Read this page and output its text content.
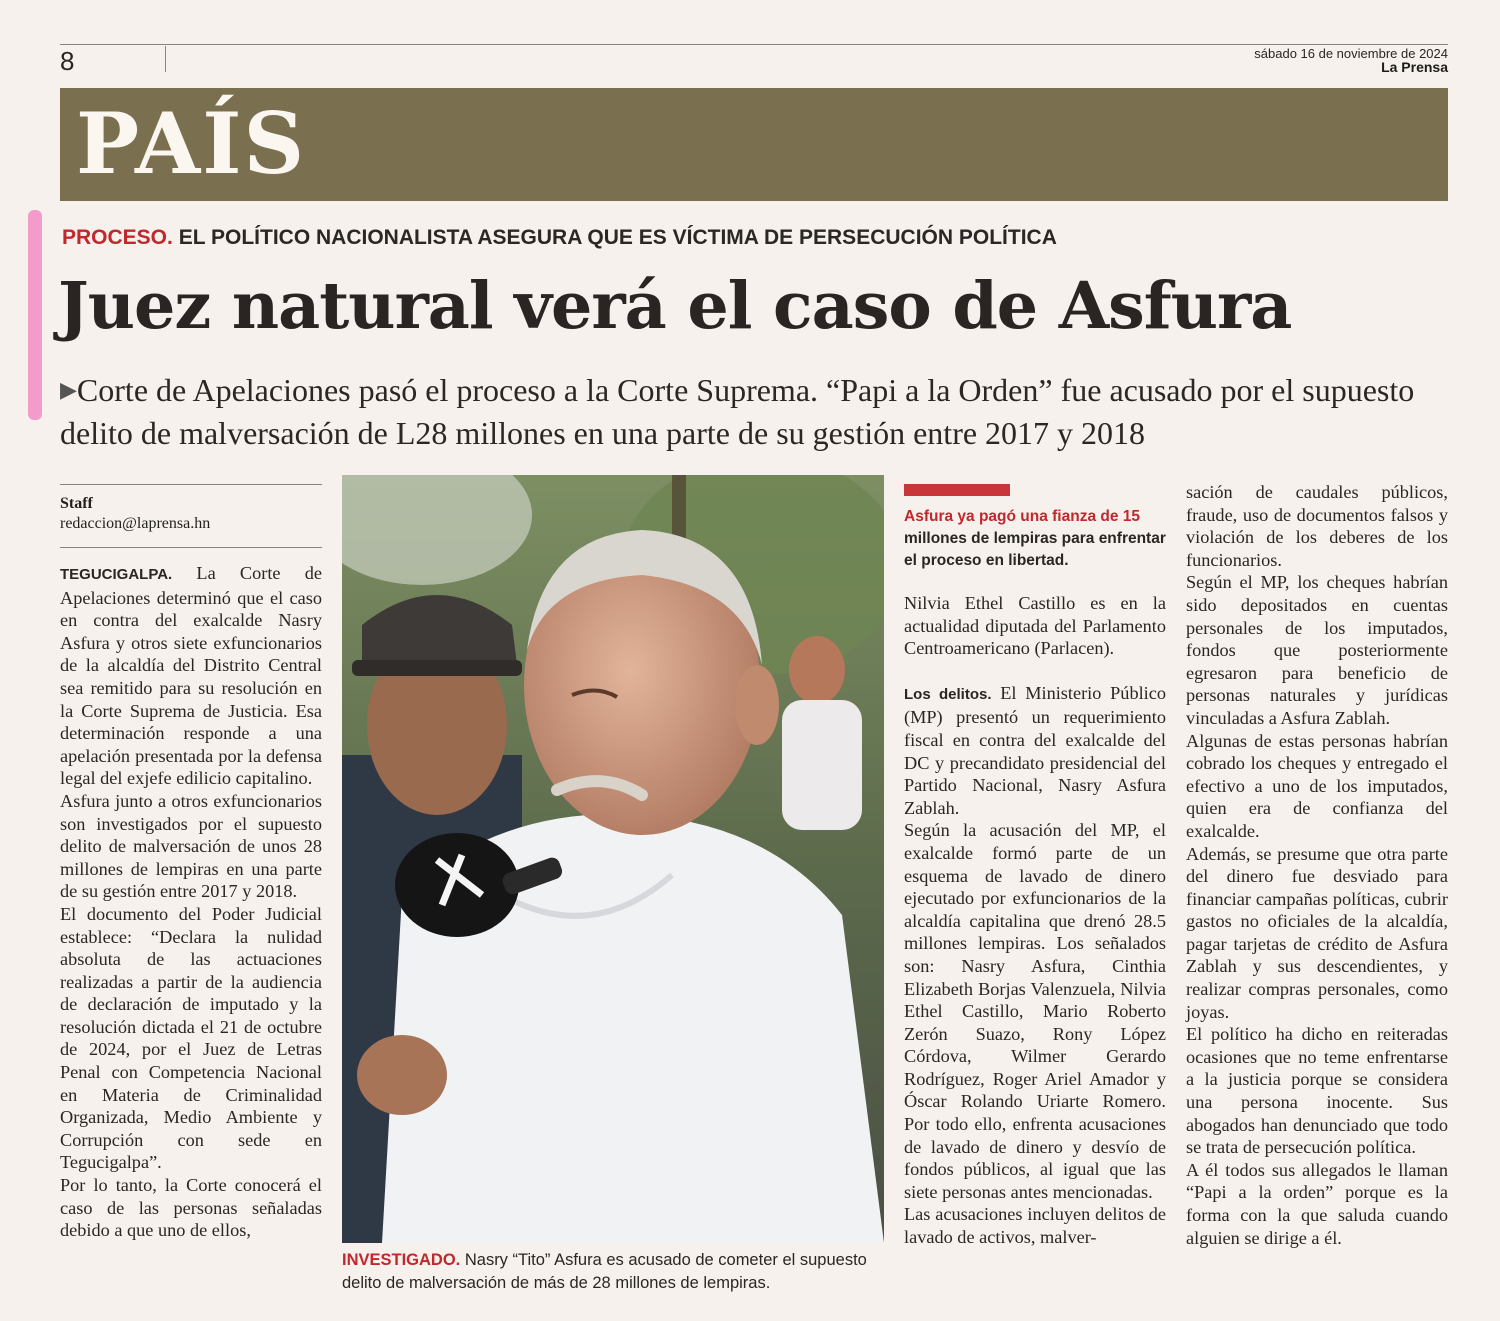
8	sábado 16 de noviembre de 2024
La Prensa
PAÍS
PROCESO. EL POLÍTICO NACIONALISTA ASEGURA QUE ES VÍCTIMA DE PERSECUCIÓN POLÍTICA
Juez natural verá el caso de Asfura
▶Corte de Apelaciones pasó el proceso a la Corte Suprema. “Papi a la Orden” fue acusado por el supuesto delito de malversación de L28 millones en una parte de su gestión entre 2017 y 2018
Staff
redaccion@laprensa.hn

TEGUCIGALPA. La Corte de Apelaciones determinó que el caso en contra del exalcalde Nasry Asfura y otros siete exfuncionarios de la alcaldía del Distrito Central sea remitido para su resolución en la Corte Suprema de Justicia. Esa determinación responde a una apelación presentada por la defensa legal del exjefe edilicio capitalino.

Asfura junto a otros exfuncionarios son investigados por el supuesto delito de malversación de unos 28 millones de lempiras en una parte de su gestión entre 2017 y 2018.

El documento del Poder Judicial establece: “Declara la nulidad absoluta de las actuaciones realizadas a partir de la audiencia de declaración de imputado y la resolución dictada el 21 de octubre de 2024, por el Juez de Letras Penal con Competencia Nacional en Materia de Criminalidad Organizada, Medio Ambiente y Corrupción con sede en Tegucigalpa”.

Por lo tanto, la Corte conocerá el caso de las personas señaladas debido a que uno de ellos,

INVESTIGADO. Nasry “Tito” Asfura es acusado de cometer el supuesto delito de malversación de más de 28 millones de lempiras.
Asfura ya pagó una fianza de 15 millones de lempiras para enfrentar el proceso en libertad.

Nilvia Ethel Castillo es en la actualidad diputada del Parlamento Centroamericano (Parlacen).

Los delitos. El Ministerio Público (MP) presentó un requerimiento fiscal en contra del exalcalde del DC y precandidato presidencial del Partido Nacional, Nasry Asfura Zablah.

Según la acusación del MP, el exalcalde formó parte de un esquema de lavado de dinero ejecutado por exfuncionarios de la alcaldía capitalina que drenó 28.5 millones lempiras. Los señalados son: Nasry Asfura, Cinthia Elizabeth Borjas Valenzuela, Nilvia Ethel Castillo, Mario Roberto Zerón Suazo, Rony López Córdova, Wilmer Gerardo Rodríguez, Roger Ariel Amador y Óscar Rolando Uriarte Romero. Por todo ello, enfrenta acusaciones de lavado de dinero y desvío de fondos públicos, al igual que las siete personas antes mencionadas.

Las acusaciones incluyen delitos de lavado de activos, malver-

sación de caudales públicos, fraude, uso de documentos falsos y violación de los deberes de los funcionarios.

Según el MP, los cheques habrían sido depositados en cuentas personales de los imputados, fondos que posteriormente egresaron para beneficio de personas naturales y jurídicas vinculadas a Asfura Zablah.

Algunas de estas personas habrían cobrado los cheques y entregado el efectivo a uno de los imputados, quien era de confianza del exalcalde.

Además, se presume que otra parte del dinero fue desviado para financiar campañas políticas, cubrir gastos no oficiales de la alcaldía, pagar tarjetas de crédito de Asfura Zablah y sus descendientes, y realizar compras personales, como joyas.

El político ha dicho en reiteradas ocasiones que no teme enfrentarse a la justicia porque se considera una persona inocente. Sus abogados han denunciado que todo se trata de persecución política.

A él todos sus allegados le llaman “Papi a la orden” porque es la forma con la que saluda cuando alguien se dirige a él.
